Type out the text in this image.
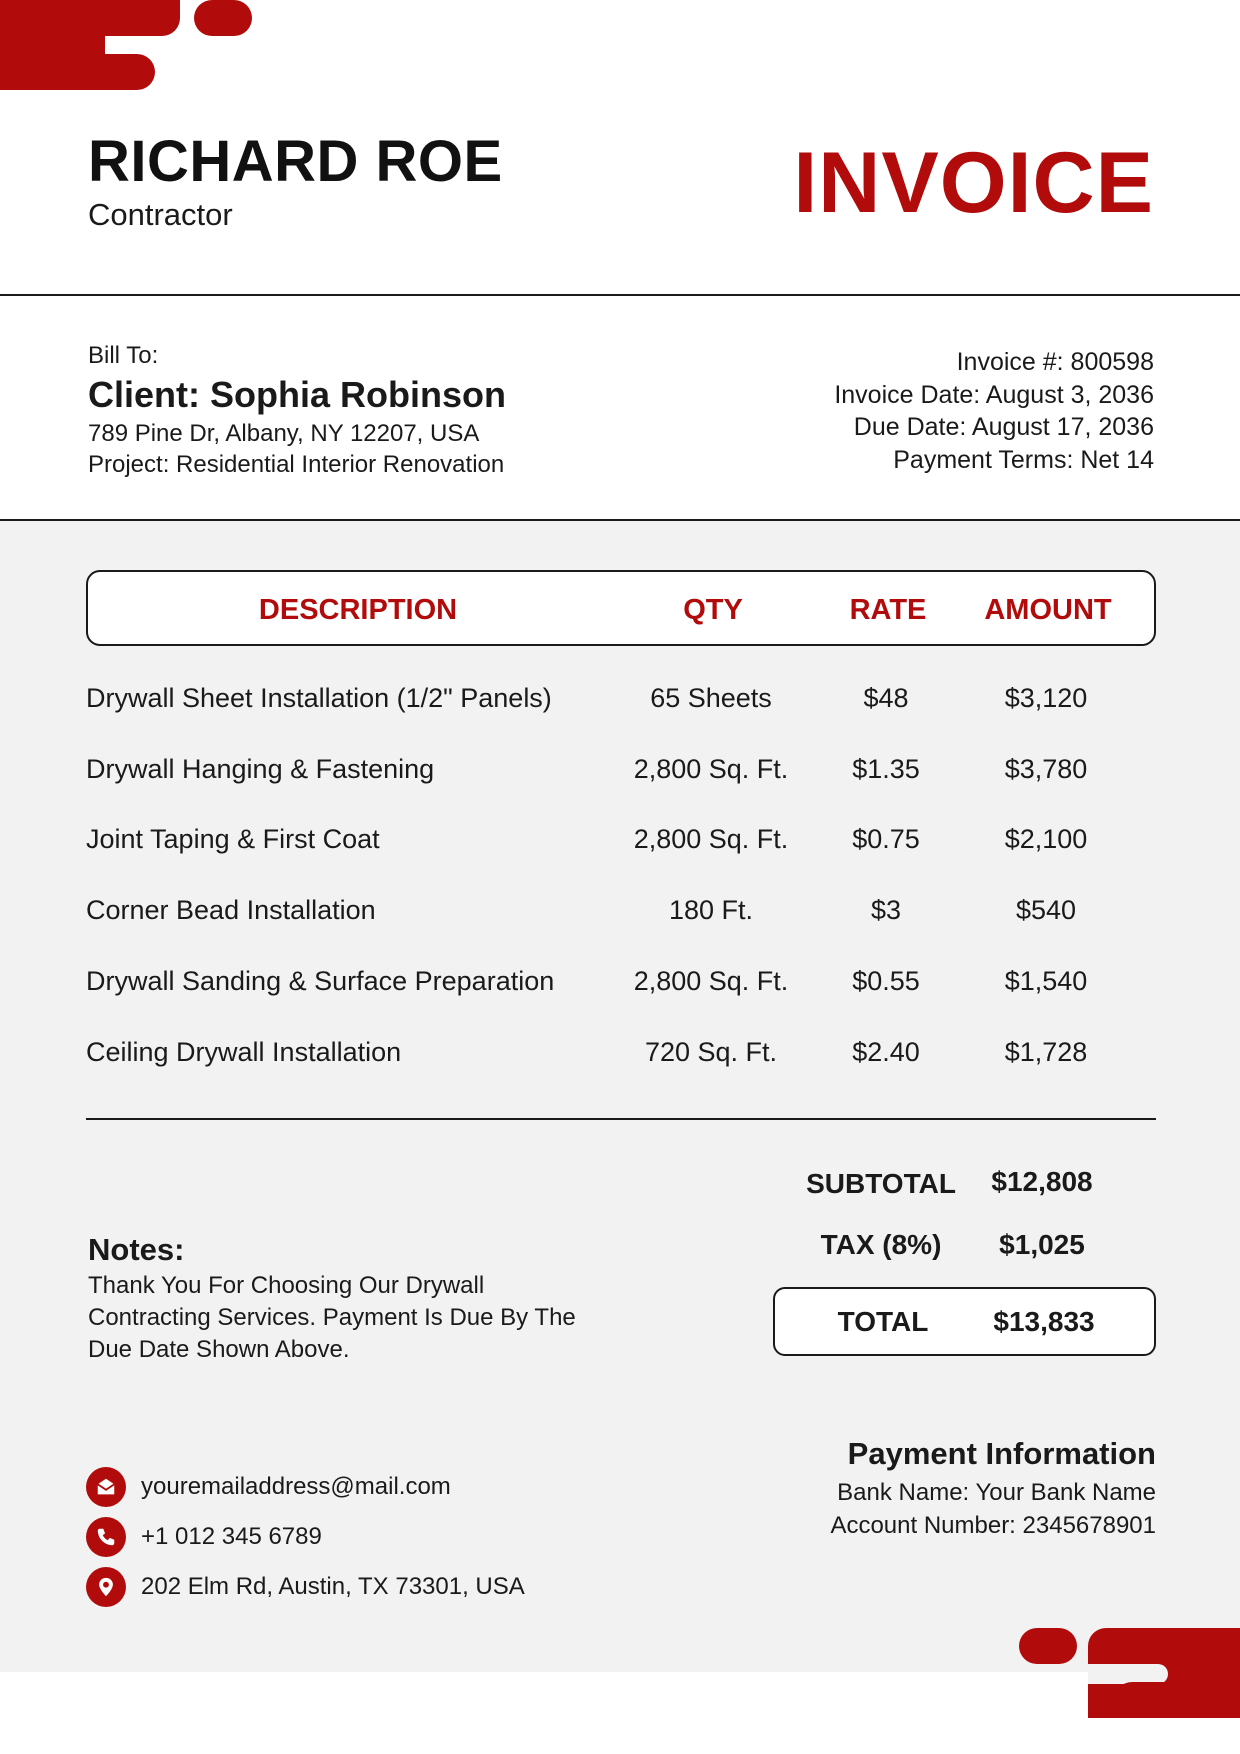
RICHARD ROE
Contractor	INVOICE
Bill To:
Client: Sophia Robinson
789 Pine Dr, Albany, NY 12207, USA
Project: Residential Interior Renovation
Invoice #: 800598
Invoice Date: August 3, 2036
Due Date: August 17, 2036
Payment Terms: Net 14
DESCRIPTION	QTY	RATE	AMOUNT
Drywall Sheet Installation (1/2" Panels)	65 Sheets	$48	$3,120
Drywall Hanging & Fastening	2,800 Sq. Ft.	$1.35	$3,780
Joint Taping & First Coat	2,800 Sq. Ft.	$0.75	$2,100
Corner Bead Installation	180 Ft.	$3	$540
Drywall Sanding & Surface Preparation	2,800 Sq. Ft.	$0.55	$1,540
Ceiling Drywall Installation	720 Sq. Ft.	$2.40	$1,728
SUBTOTAL	$12,808
TAX (8%)	$1,025
TOTAL	$13,833
Notes:
Thank You For Choosing Our Drywall Contracting Services. Payment Is Due By The Due Date Shown Above.
youremailaddress@mail.com
+1 012 345 6789
202 Elm Rd, Austin, TX 73301, USA
Payment Information
Bank Name: Your Bank Name
Account Number: 2345678901
